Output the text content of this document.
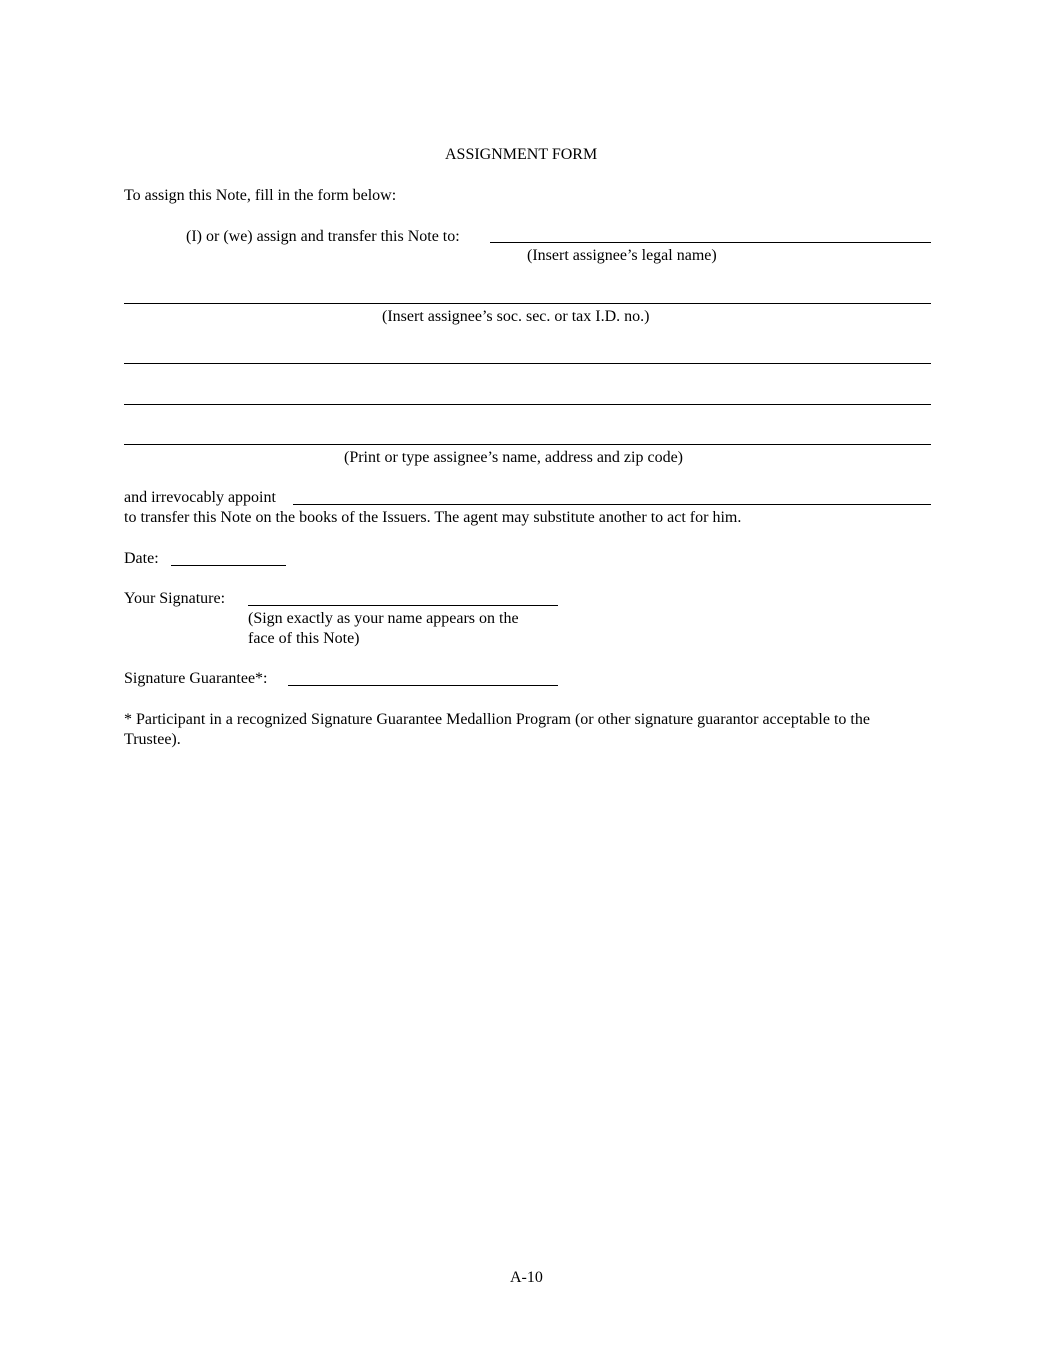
ASSIGNMENT FORM
To assign this Note, fill in the form below:
(I) or (we) assign and transfer this Note to:
(Insert assignee’s legal name)
(Insert assignee’s soc. sec. or tax I.D. no.)
(Print or type assignee’s name, address and zip code)
and irrevocably appoint
to transfer this Note on the books of the Issuers. The agent may substitute another to act for him.
Date:
Your Signature:
(Sign exactly as your name appears on the
face of this Note)
Signature Guarantee*:
* Participant in a recognized Signature Guarantee Medallion Program (or other signature guarantor acceptable to the
Trustee).
A-10
